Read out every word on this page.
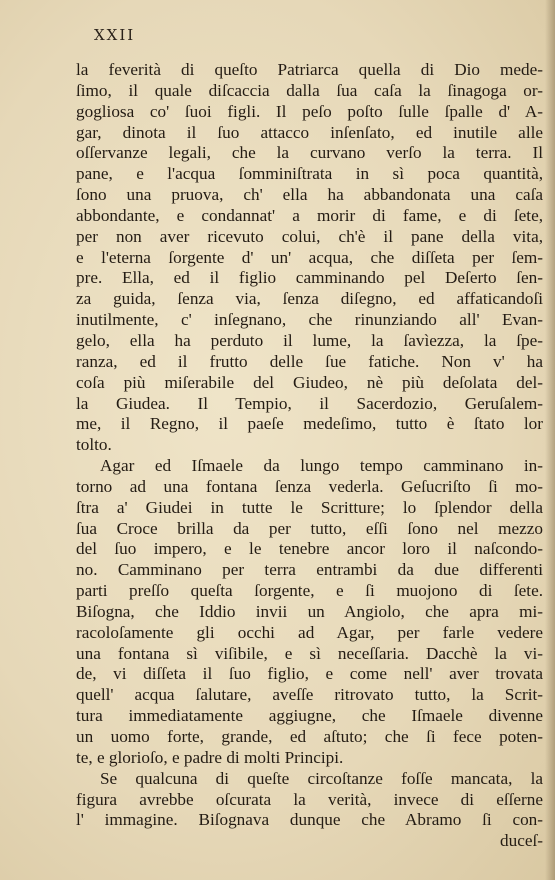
XXII
la feverità di queſto Patriarca quella di Dio mede-
ſimo, il quale diſcaccia dalla ſua caſa la ſinagoga or-
gogliosa co' ſuoi figli. Il peſo poſto ſulle ſpalle d' A-
gar, dinota il ſuo attacco inſenſato, ed inutile alle
oſſervanze legali, che la curvano verſo la terra. Il
pane, e l'acqua ſomminiſtrata in sì poca quantità,
ſono una pruova, ch' ella ha abbandonata una caſa
abbondante, e condannat' a morir di fame, e di ſete,
per non aver ricevuto colui, ch'è il pane della vita,
e l'eterna ſorgente d' un' acqua, che diſſeta per ſem-
pre. Ella, ed il figlio camminando pel Deſerto ſen-
za guida, ſenza via, ſenza diſegno, ed affaticandoſi
inutilmente, c' inſegnano, che rinunziando all' Evan-
gelo, ella ha perduto il lume, la ſavìezza, la ſpe-
ranza, ed il frutto delle ſue fatiche. Non v' ha
coſa più miſerabile del Giudeo, nè più deſolata del-
la Giudea. Il Tempio, il Sacerdozio, Geruſalem-
me, il Regno, il paeſe medeſimo, tutto è ſtato lor
tolto.
Agar ed Iſmaele da lungo tempo camminano in-
torno ad una fontana ſenza vederla. Geſucriſto ſi mo-
ſtra a' Giudei in tutte le Scritture; lo ſplendor della
ſua Croce brilla da per tutto, eſſi ſono nel mezzo
del ſuo impero, e le tenebre ancor loro il naſcondo-
no. Camminano per terra entrambi da due differenti
parti preſſo queſta ſorgente, e ſi muojono di ſete.
Biſogna, che Iddio invii un Angiolo, che apra mi-
racoloſamente gli occhi ad Agar, per farle vedere
una fontana sì viſibile, e sì neceſſaria. Dacchè la vi-
de, vi diſſeta il ſuo figlio, e come nell' aver trovata
quell' acqua ſalutare, aveſſe ritrovato tutto, la Scrit-
tura immediatamente aggiugne, che Iſmaele divenne
un uomo forte, grande, ed aſtuto; che ſi fece poten-
te, e glorioſo, e padre di molti Principi.
Se qualcuna di queſte circoſtanze foſſe mancata, la
figura avrebbe oſcurata la verità, invece di eſſerne
l' immagine. Biſognava dunque che Abramo ſi con-
duceſ-
